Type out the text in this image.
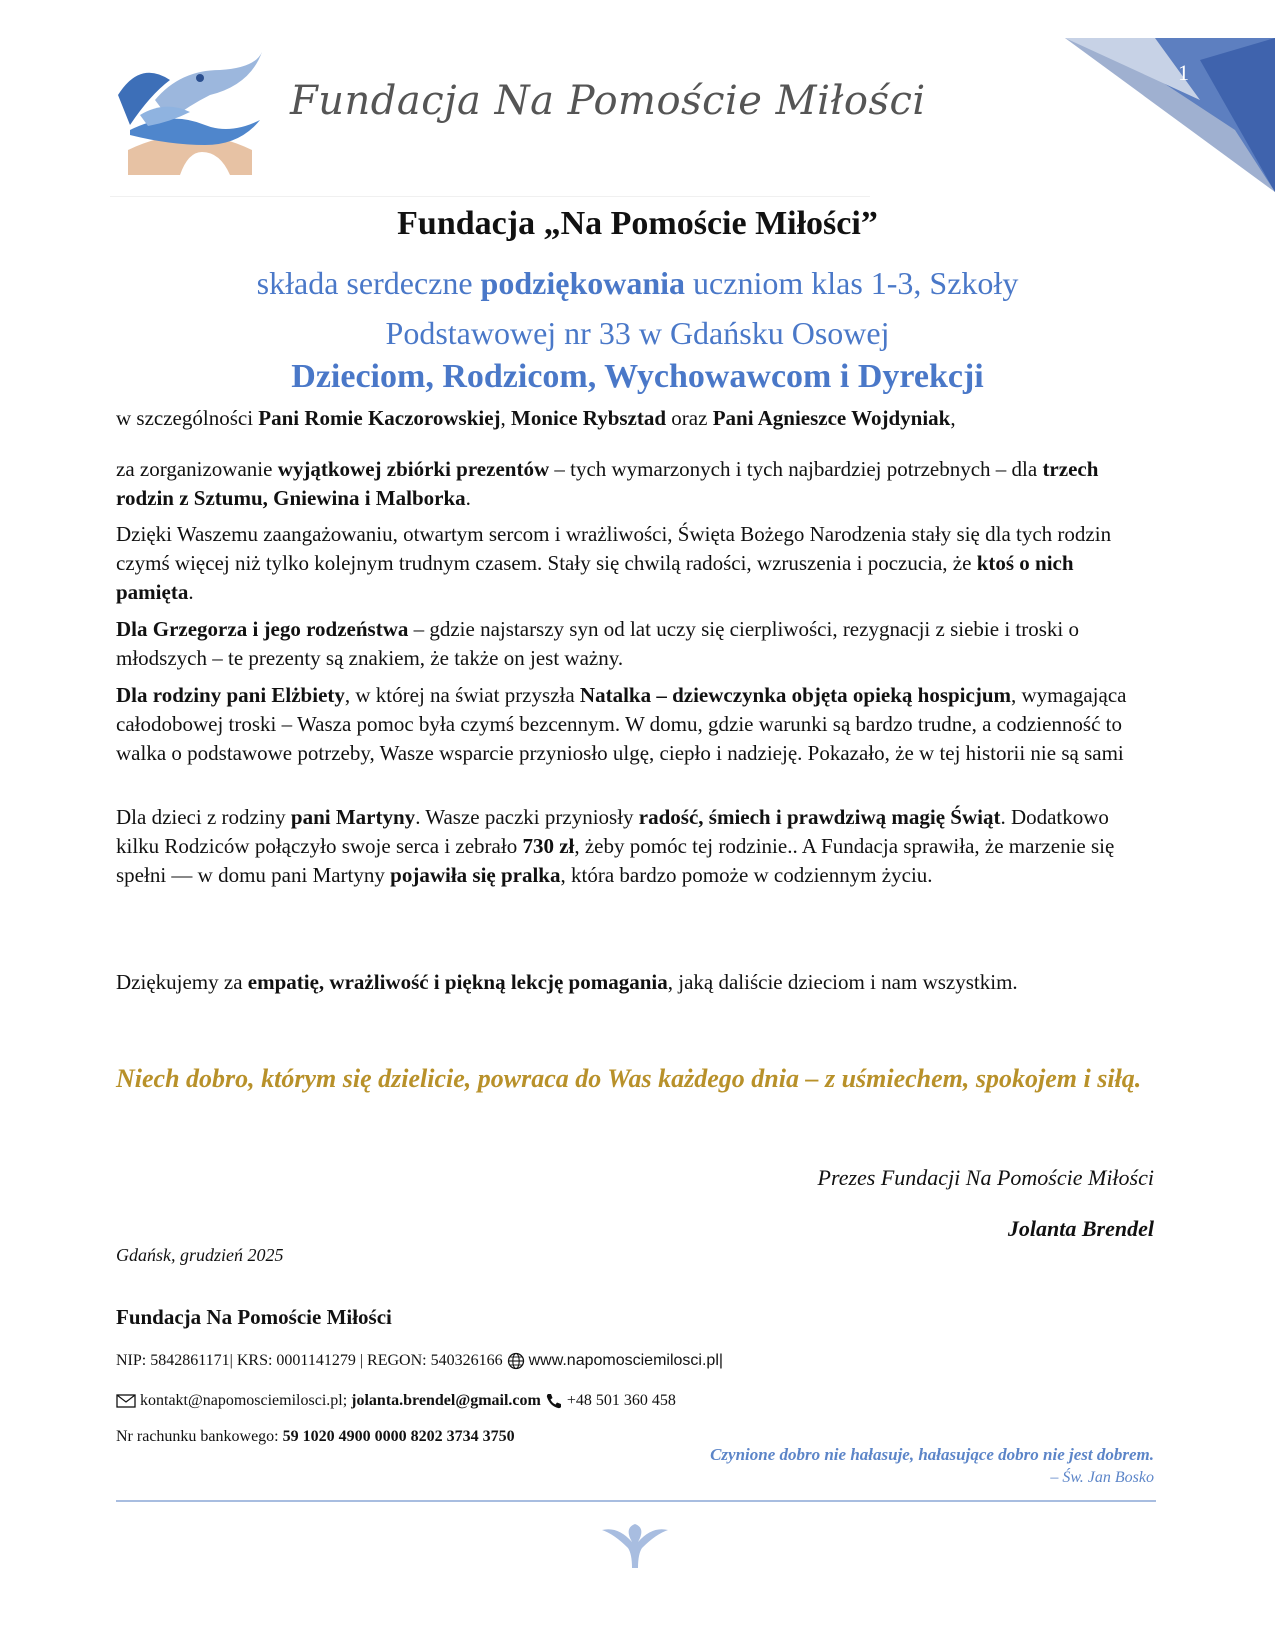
1
Fundacja Na Pomoście Miłości
Fundacja „Na Pomoście Miłości”
składa serdeczne podziękowania uczniom klas 1-3, Szkoły
Podstawowej nr 33 w Gdańsku Osowej
Dzieciom, Rodzicom, Wychowawcom i Dyrekcji
w szczególności Pani Romie Kaczorowskiej, Monice Rybsztad oraz Pani Agnieszce Wojdyniak,
za zorganizowanie wyjątkowej zbiórki prezentów – tych wymarzonych i tych najbardziej potrzebnych – dla trzech rodzin z Sztumu, Gniewina i Malborka.
Dzięki Waszemu zaangażowaniu, otwartym sercom i wrażliwości, Święta Bożego Narodzenia stały się dla tych rodzin czymś więcej niż tylko kolejnym trudnym czasem. Stały się chwilą radości, wzruszenia i poczucia, że ktoś o nich pamięta.
Dla Grzegorza i jego rodzeństwa – gdzie najstarszy syn od lat uczy się cierpliwości, rezygnacji z siebie i troski o młodszych – te prezenty są znakiem, że także on jest ważny.
Dla rodziny pani Elżbiety, w której na świat przyszła Natalka – dziewczynka objęta opieką hospicjum, wymagająca całodobowej troski – Wasza pomoc była czymś bezcennym. W domu, gdzie warunki są bardzo trudne, a codzienność to walka o podstawowe potrzeby, Wasze wsparcie przyniosło ulgę, ciepło i nadzieję. Pokazało, że w tej historii nie są sami
Dla dzieci z rodziny pani Martyny. Wasze paczki przyniosły radość, śmiech i prawdziwą magię Świąt. Dodatkowo kilku Rodziców połączyło swoje serca i zebrało 730 zł, żeby pomóc tej rodzinie.. A Fundacja sprawiła, że marzenie się spełni — w domu pani Martyny pojawiła się pralka, która bardzo pomoże w codziennym życiu.
Dziękujemy za empatię, wrażliwość i piękną lekcję pomagania, jaką daliście dzieciom i nam wszystkim.
Niech dobro, którym się dzielicie, powraca do Was każdego dnia – z uśmiechem, spokojem i siłą.
Prezes Fundacji Na Pomoście Miłości
Jolanta Brendel
Gdańsk, grudzień 2025
Fundacja Na Pomoście Miłości
NIP: 5842861171| KRS: 0001141279 | REGON: 540326166 www.napomosciemilosci.pl|
kontakt@napomosciemilosci.pl; jolanta.brendel@gmail.com +48 501 360 458
Nr rachunku bankowego: 59 1020 4900 0000 8202 3734 3750
Czynione dobro nie hałasuje, hałasujące dobro nie jest dobrem.
– Św. Jan Bosko
